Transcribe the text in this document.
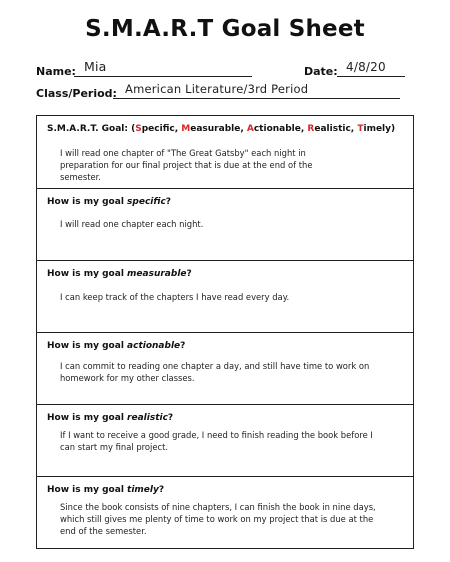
S.M.A.R.T Goal Sheet
Name: Mia	Date: 4/8/20
Class/Period: American Literature/3rd Period
S.M.A.R.T. Goal: (Specific, Measurable, Actionable, Realistic, Timely)
I will read one chapter of "The Great Gatsby" each night in preparation for our final project that is due at the end of the semester.
How is my goal specific?
I will read one chapter each night.
How is my goal measurable?
I can keep track of the chapters I have read every day.
How is my goal actionable?
I can commit to reading one chapter a day, and still have time to work on homework for my other classes.
How is my goal realistic?
If I want to receive a good grade, I need to finish reading the book before I can start my final project.
How is my goal timely?
Since the book consists of nine chapters, I can finish the book in nine days, which still gives me plenty of time to work on my project that is due at the end of the semester.
